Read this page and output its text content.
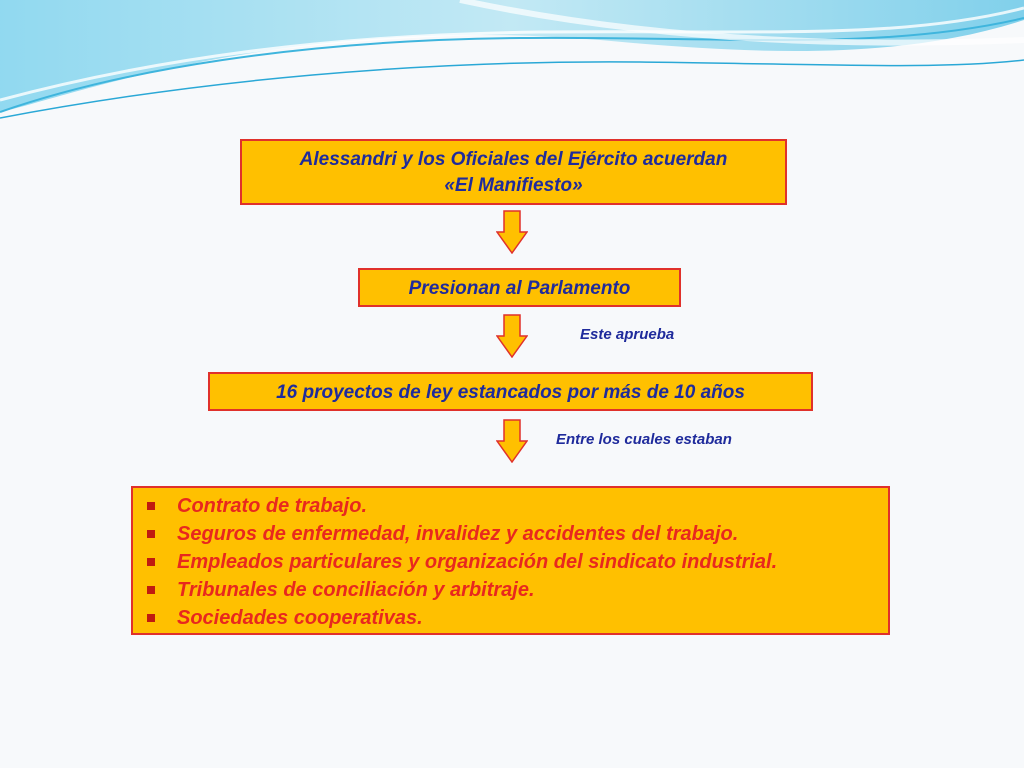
Alessandri y los Oficiales del Ejército acuerdan
«El Manifiesto»
Presionan al Parlamento
Este aprueba
16 proyectos de ley estancados por más de 10 años
Entre los cuales estaban
Contrato de trabajo.
Seguros de enfermedad, invalidez y accidentes del trabajo.
Empleados particulares y organización del sindicato industrial.
Tribunales de conciliación y arbitraje.
Sociedades cooperativas.
